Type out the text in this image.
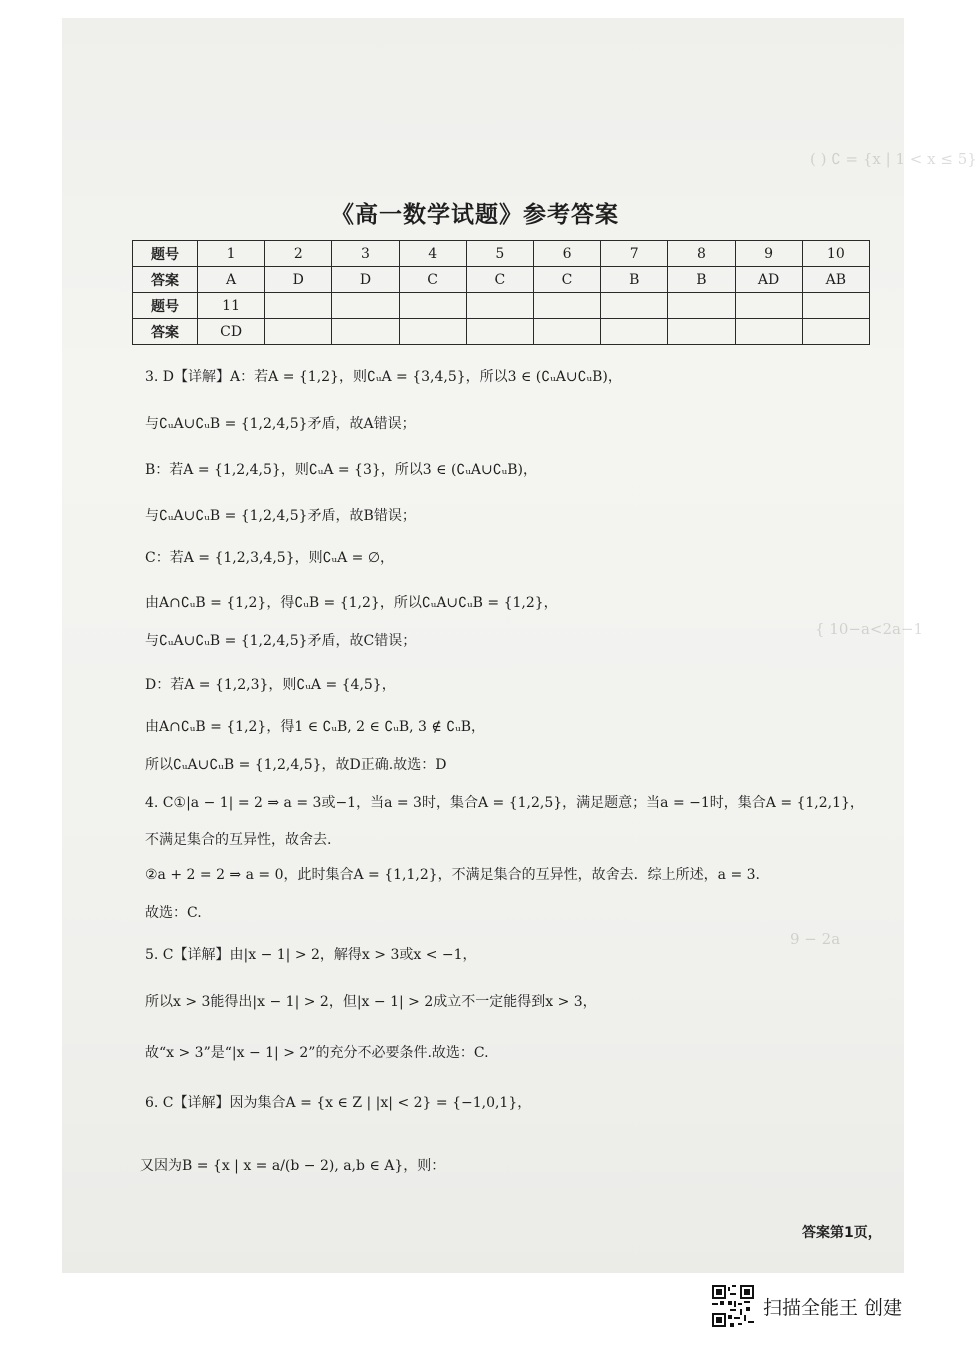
( ) ∁ = {x | 1 < x ≤ 5}
{ 10−a<2a−1
9 − 2a
《高一数学试题》参考答案
题号	1	2	3	4	5	6	7	8	9	10
答案	A	D	D	C	C	C	B	B	AD	AB
题号	11									
答案	CD									
3. D【详解】A：若A = {1,2}，则∁ᵤA = {3,4,5}，所以3 ∈ (∁ᵤA∪∁ᵤB)，
与∁ᵤA∪∁ᵤB = {1,2,4,5}矛盾，故A错误；
B：若A = {1,2,4,5}，则∁ᵤA = {3}，所以3 ∈ (∁ᵤA∪∁ᵤB)，
与∁ᵤA∪∁ᵤB = {1,2,4,5}矛盾，故B错误；
C：若A = {1,2,3,4,5}，则∁ᵤA = ∅，
由A∩∁ᵤB = {1,2}，得∁ᵤB = {1,2}，所以∁ᵤA∪∁ᵤB = {1,2}，
与∁ᵤA∪∁ᵤB = {1,2,4,5}矛盾，故C错误；
D：若A = {1,2,3}，则∁ᵤA = {4,5}，
由A∩∁ᵤB = {1,2}，得1 ∈ ∁ᵤB, 2 ∈ ∁ᵤB, 3 ∉ ∁ᵤB，
所以∁ᵤA∪∁ᵤB = {1,2,4,5}，故D正确.故选：D
4. C①|a − 1| = 2 ⇒ a = 3或−1，当a = 3时，集合A = {1,2,5}，满足题意；当a = −1时，集合A = {1,2,1}，
不满足集合的互异性，故舍去.
②a + 2 = 2 ⇒ a = 0，此时集合A = {1,1,2}，不满足集合的互异性，故舍去．综上所述，a = 3.
故选：C.
5. C【详解】由|x − 1| > 2，解得x > 3或x < −1，
所以x > 3能得出|x − 1| > 2，但|x − 1| > 2成立不一定能得到x > 3，
故“x > 3”是“|x − 1| > 2”的充分不必要条件.故选：C.
6. C【详解】因为集合A = {x ∈ Z | |x| < 2} = {−1,0,1}，
又因为B = {x | x = a/(b − 2), a,b ∈ A}，则：
答案第1页，
扫描全能王 创建
